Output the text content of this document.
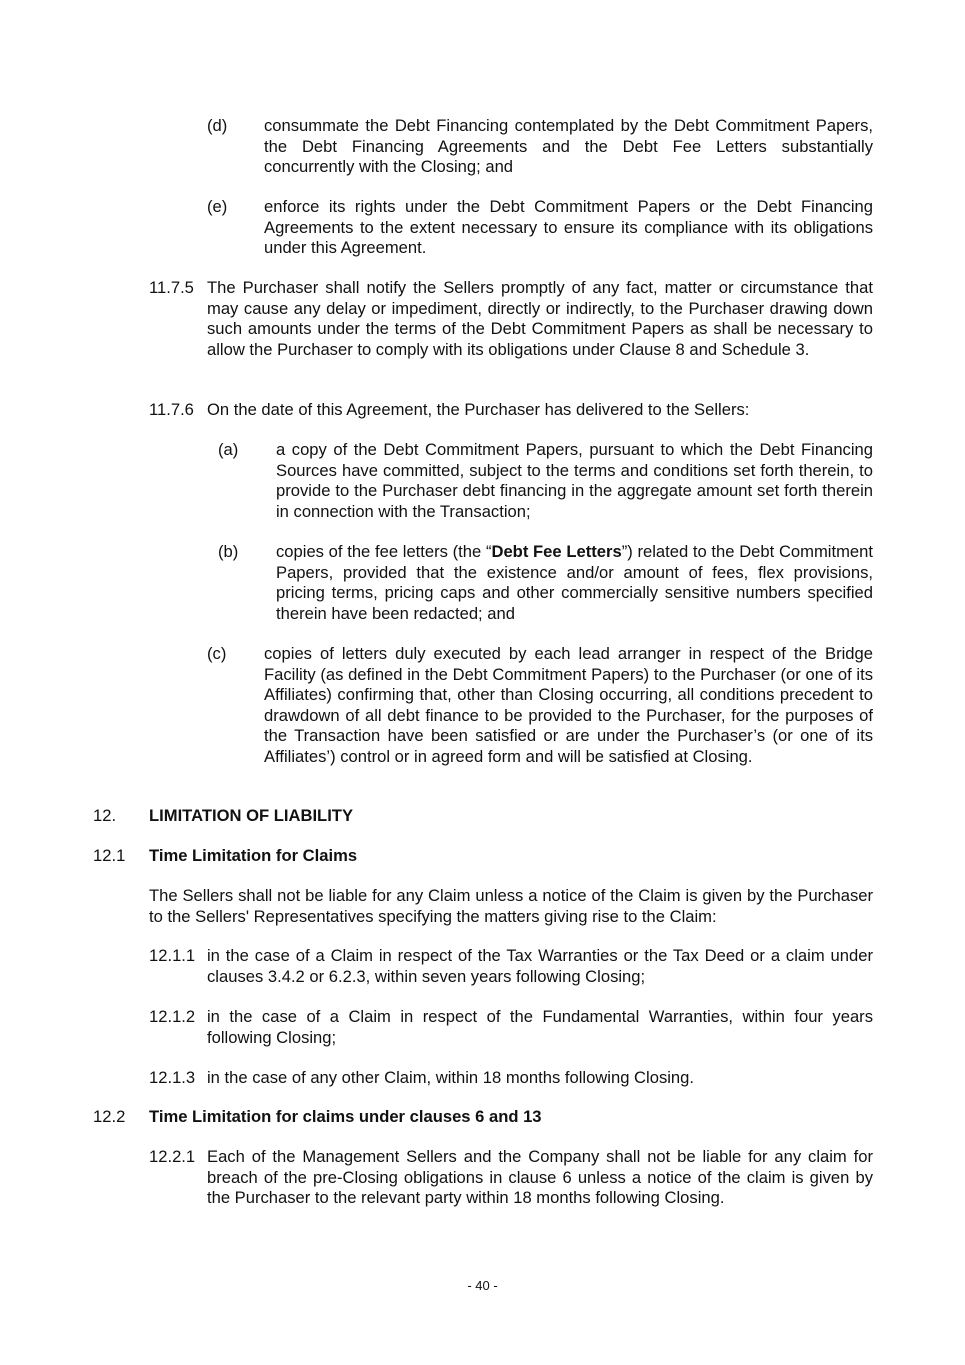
(d) consummate the Debt Financing contemplated by the Debt Commitment Papers, the Debt Financing Agreements and the Debt Fee Letters substantially concurrently with the Closing; and

(e) enforce its rights under the Debt Commitment Papers or the Debt Financing Agreements to the extent necessary to ensure its compliance with its obligations under this Agreement.

11.7.5 The Purchaser shall notify the Sellers promptly of any fact, matter or circumstance that may cause any delay or impediment, directly or indirectly, to the Purchaser drawing down such amounts under the terms of the Debt Commitment Papers as shall be necessary to allow the Purchaser to comply with its obligations under Clause 8 and Schedule 3.

11.7.6 On the date of this Agreement, the Purchaser has delivered to the Sellers:

(a) a copy of the Debt Commitment Papers, pursuant to which the Debt Financing Sources have committed, subject to the terms and conditions set forth therein, to provide to the Purchaser debt financing in the aggregate amount set forth therein in connection with the Transaction;

(b) copies of the fee letters (the “Debt Fee Letters”) related to the Debt Commitment Papers, provided that the existence and/or amount of fees, flex provisions, pricing terms, pricing caps and other commercially sensitive numbers specified therein have been redacted; and

(c) copies of letters duly executed by each lead arranger in respect of the Bridge Facility (as defined in the Debt Commitment Papers) to the Purchaser (or one of its Affiliates) confirming that, other than Closing occurring, all conditions precedent to drawdown of all debt finance to be provided to the Purchaser, for the purposes of the Transaction have been satisfied or are under the Purchaser’s (or one of its Affiliates’) control or in agreed form and will be satisfied at Closing.

12. LIMITATION OF LIABILITY

12.1 Time Limitation for Claims

The Sellers shall not be liable for any Claim unless a notice of the Claim is given by the Purchaser to the Sellers' Representatives specifying the matters giving rise to the Claim:

12.1.1 in the case of a Claim in respect of the Tax Warranties or the Tax Deed or a claim under clauses 3.4.2 or 6.2.3, within seven years following Closing;

12.1.2 in the case of a Claim in respect of the Fundamental Warranties, within four years following Closing;

12.1.3 in the case of any other Claim, within 18 months following Closing.

12.2 Time Limitation for claims under clauses 6 and 13

12.2.1 Each of the Management Sellers and the Company shall not be liable for any claim for breach of the pre-Closing obligations in clause 6 unless a notice of the claim is given by the Purchaser to the relevant party within 18 months following Closing.

- 40 -
